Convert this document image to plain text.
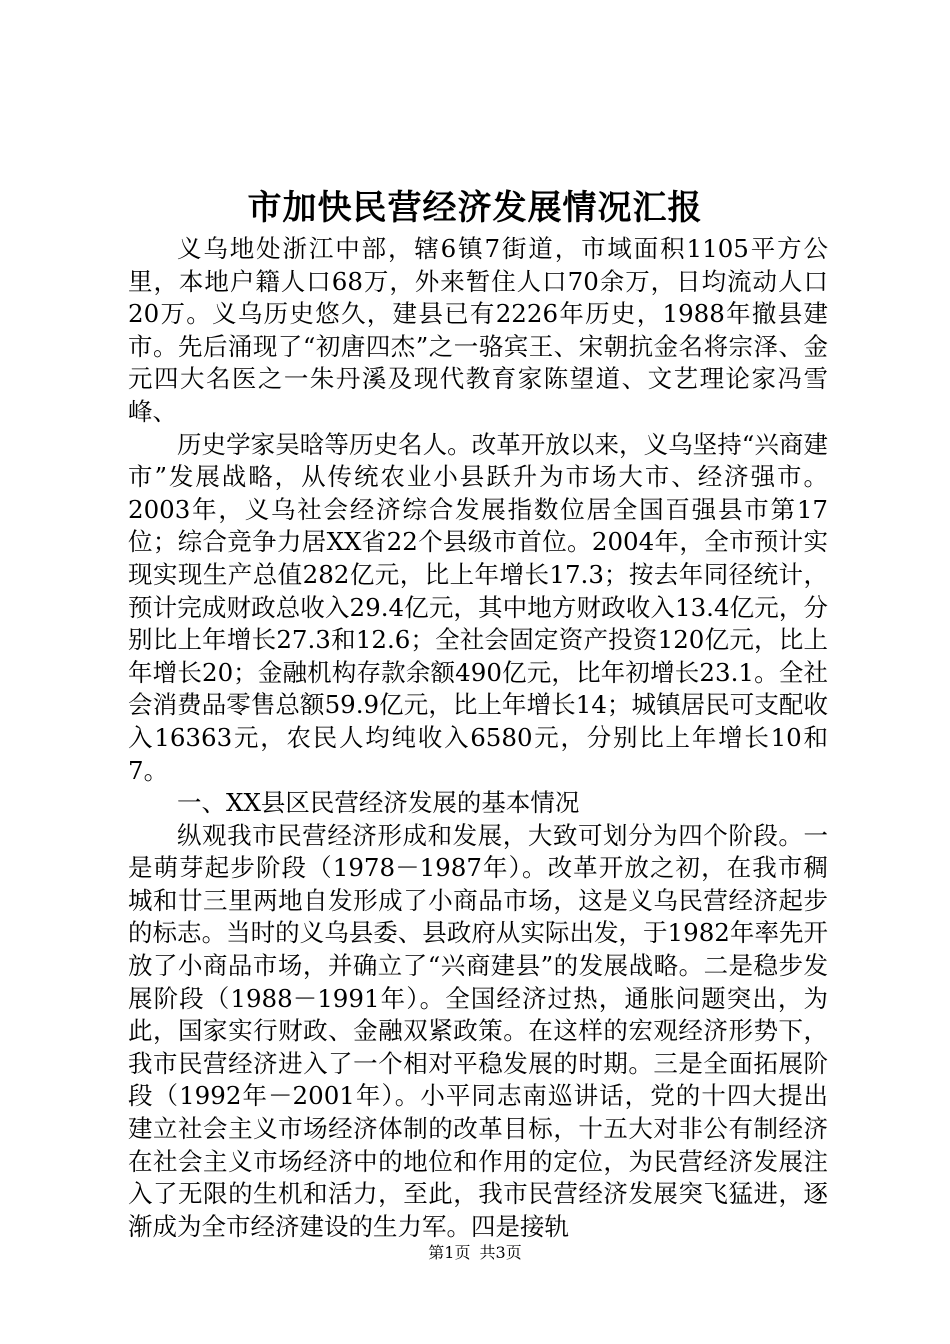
市加快民营经济发展情况汇报

义乌地处浙江中部，辖6镇7街道，市域面积1105平方公里，本地户籍人口68万，外来暂住人口70余万，日均流动人口20万。义乌历史悠久，建县已有2226年历史，1988年撤县建市。先后涌现了“初唐四杰”之一骆宾王、宋朝抗金名将宗泽、金元四大名医之一朱丹溪及现代教育家陈望道、文艺理论家冯雪峰、

历史学家吴晗等历史名人。改革开放以来，义乌坚持“兴商建市”发展战略，从传统农业小县跃升为市场大市、经济强市。2003年，义乌社会经济综合发展指数位居全国百强县市第17位；综合竞争力居XX省22个县级市首位。2004年，全市预计实现实现生产总值282亿元，比上年增长17.3；按去年同径统计，预计完成财政总收入29.4亿元，其中地方财政收入13.4亿元，分别比上年增长27.3和12.6；全社会固定资产投资120亿元，比上年增长20；金融机构存款余额490亿元，比年初增长23.1。全社会消费品零售总额59.9亿元，比上年增长14；城镇居民可支配收入16363元，农民人均纯收入6580元，分别比上年增长10和7。

一、XX县区民营经济发展的基本情况

纵观我市民营经济形成和发展，大致可划分为四个阶段。一是萌芽起步阶段（1978－1987年）。改革开放之初，在我市稠城和廿三里两地自发形成了小商品市场，这是义乌民营经济起步的标志。当时的义乌县委、县政府从实际出发，于1982年率先开放了小商品市场，并确立了“兴商建县”的发展战略。二是稳步发展阶段（1988－1991年）。全国经济过热，通胀问题突出，为此，国家实行财政、金融双紧政策。在这样的宏观经济形势下，我市民营经济进入了一个相对平稳发展的时期。三是全面拓展阶段（1992年－2001年）。小平同志南巡讲话，党的十四大提出建立社会主义市场经济体制的改革目标，十五大对非公有制经济在社会主义市场经济中的地位和作用的定位，为民营经济发展注入了无限的生机和活力，至此，我市民营经济发展突飞猛进，逐渐成为全市经济建设的生力军。四是接轨

第1页 共3页
